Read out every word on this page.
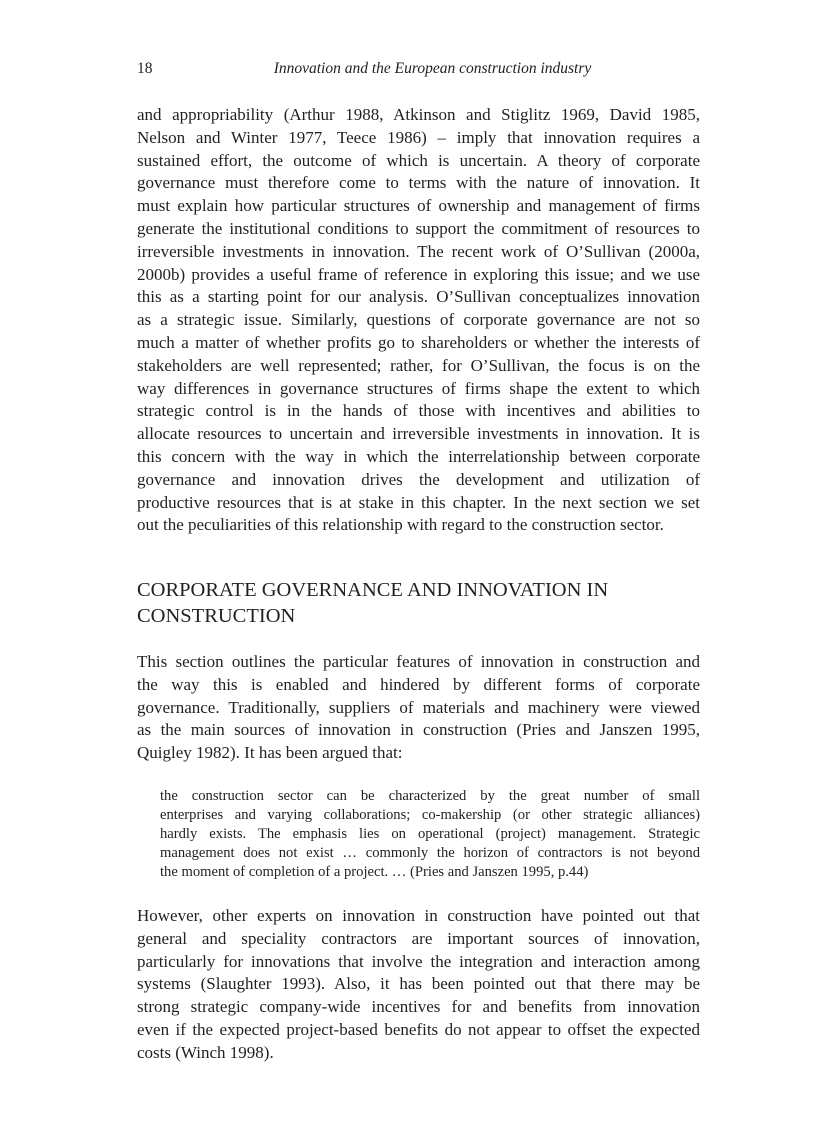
18	Innovation and the European construction industry
and appropriability (Arthur 1988, Atkinson and Stiglitz 1969, David 1985,
Nelson and Winter 1977, Teece 1986) – imply that innovation requires a
sustained effort, the outcome of which is uncertain. A theory of corporate
governance must therefore come to terms with the nature of innovation. It
must explain how particular structures of ownership and management of firms
generate the institutional conditions to support the commitment of resources to
irreversible investments in innovation. The recent work of O’Sullivan (2000a,
2000b) provides a useful frame of reference in exploring this issue; and we use
this as a starting point for our analysis. O’Sullivan conceptualizes innovation
as a strategic issue. Similarly, questions of corporate governance are not so
much a matter of whether profits go to shareholders or whether the interests of
stakeholders are well represented; rather, for O’Sullivan, the focus is on the
way differences in governance structures of firms shape the extent to which
strategic control is in the hands of those with incentives and abilities to
allocate resources to uncertain and irreversible investments in innovation. It is
this concern with the way in which the interrelationship between corporate
governance and innovation drives the development and utilization of
productive resources that is at stake in this chapter. In the next section we set
out the peculiarities of this relationship with regard to the construction sector.
CORPORATE GOVERNANCE AND INNOVATION IN
CONSTRUCTION
This section outlines the particular features of innovation in construction and
the way this is enabled and hindered by different forms of corporate
governance. Traditionally, suppliers of materials and machinery were viewed
as the main sources of innovation in construction (Pries and Janszen 1995,
Quigley 1982). It has been argued that:
the construction sector can be characterized by the great number of small
enterprises and varying collaborations; co-makership (or other strategic alliances)
hardly exists. The emphasis lies on operational (project) management. Strategic
management does not exist … commonly the horizon of contractors is not beyond
the moment of completion of a project. … (Pries and Janszen 1995, p.44)
However, other experts on innovation in construction have pointed out that
general and speciality contractors are important sources of innovation,
particularly for innovations that involve the integration and interaction among
systems (Slaughter 1993). Also, it has been pointed out that there may be
strong strategic company-wide incentives for and benefits from innovation
even if the expected project-based benefits do not appear to offset the expected
costs (Winch 1998).
